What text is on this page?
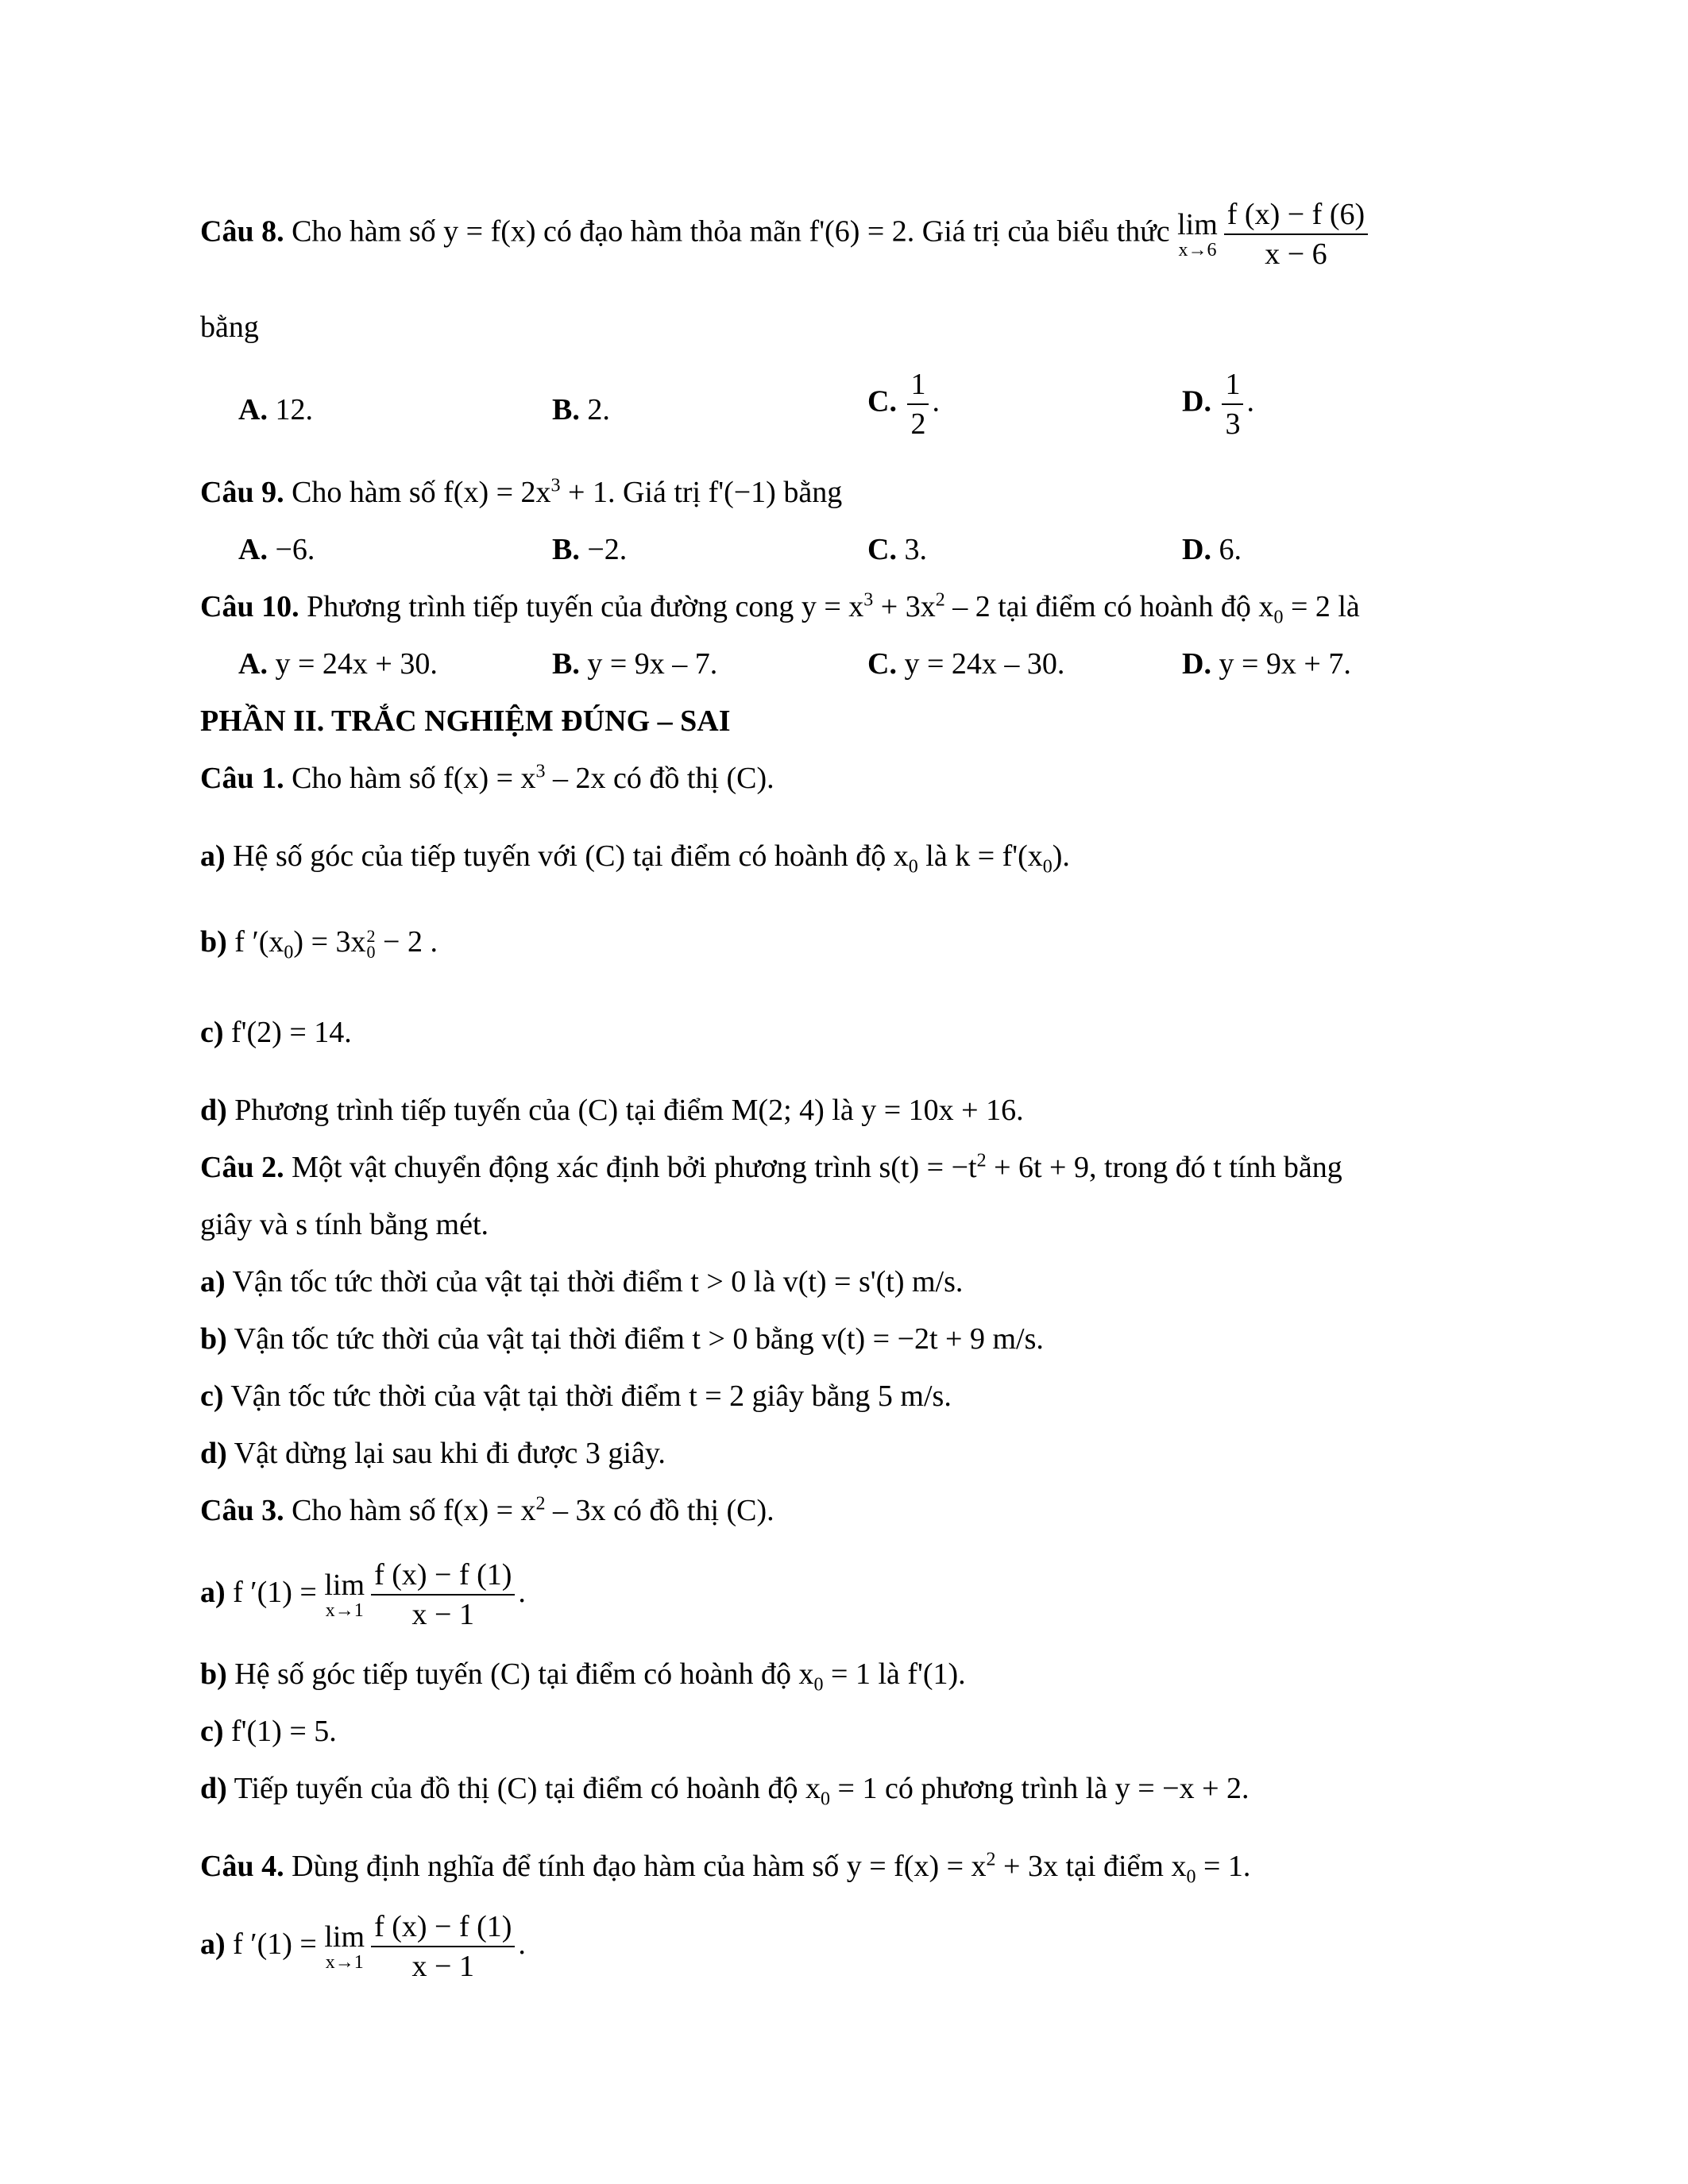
Câu 8. Cho hàm số y = f(x) có đạo hàm thỏa mãn f'(6) = 2. Giá trị của biểu thức lim
$x\to 6 \frac{f (x) - f (6)}{x - 6}$
bằng
A. 12.	B. 2.	C. $\frac{1}{2}$ .	D. $\frac{1}{3}$ .
Câu 9. Cho hàm số $f(x) = 2x^3 + 1$. Giá trị f'(−1) bằng
A. −6.	B. −2.	C. 3.	D. 6.
Câu 10. Phương trình tiếp tuyến của đường cong $y = x^3 + 3x^2 - 2$ tại điểm có hoành độ $x_0 = 2$ là
A. y = 24x + 30.	B. y = 9x – 7.	C. y = 24x – 30.	D. y = 9x + 7.
PHẦN II. TRẮC NGHIỆM ĐÚNG – SAI
Câu 1. Cho hàm số $f(x) = x^3 - 2x$ có đồ thị (C).
a) Hệ số góc của tiếp tuyến với (C) tại điểm có hoành độ $x_0$ là $k = f'(x_0)$.
b) f $'(x_0) = 3x$ 2
0 − 2 .
c) f'(2) = 14.
d) Phương trình tiếp tuyến của (C) tại điểm M(2; 4) là y = 10x + 16.
Câu 2. Một vật chuyển động xác định bởi phương trình $s(t) = -t^2 + 6t + 9$, trong đó t tính bằng
giây và s tính bằng mét.
a) Vận tốc tức thời của vật tại thời điểm t > 0 là v(t) = s'(t) m/s.
b) Vận tốc tức thời của vật tại thời điểm t > 0 bằng v(t) = −2t + 9 m/s.
c) Vận tốc tức thời của vật tại thời điểm t = 2 giây bằng 5 m/s.
d) Vật dừng lại sau khi đi được 3 giây.
Câu 3. Cho hàm số $f(x) = x^2 - 3x$ có đồ thị (C).
a) f ′(1) = lim
$x\to 1 \frac{f (x) - f (1)}{x - 1}$ .
b) Hệ số góc tiếp tuyến (C) tại điểm có hoành độ $x_0 = 1$ là f'(1).
c) f'(1) = 5.
d) Tiếp tuyến của đồ thị (C) tại điểm có hoành độ $x_0 = 1$ có phương trình là y = −x + 2.
Câu 4. Dùng định nghĩa để tính đạo hàm của hàm số $y = f(x) = x^2 + 3x$ tại điểm $x_0 = 1$.
a) f ′(1) = lim
$x\to 1 \frac{f (x) - f (1)}{x - 1}$ .
